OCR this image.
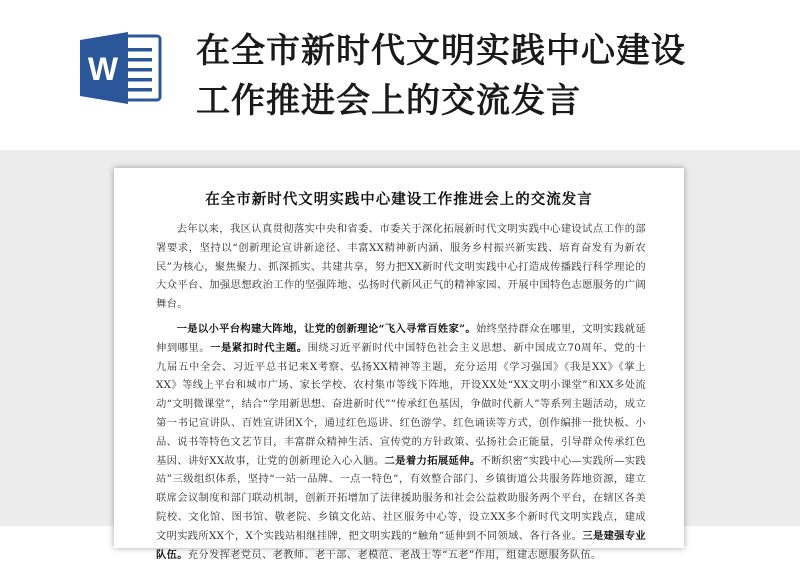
W 在全市新时代文明实践中心建设
工作推进会上的交流发言
在全市新时代文明实践中心建设工作推进会上的交流发言

去年以来，我区认真贯彻落实中央和省委、市委关于深化拓展新时代文明实践中心建设试点工作的部署要求，坚持以“创新理论宣讲新途径、丰富XX精神新内涵、服务乡村振兴新实践、培育奋发有为新农民”为核心，聚焦聚力、抓深抓实、共建共享，努力把XX新时代文明实践中心打造成传播践行科学理论的大众平台、加强思想政治工作的坚强阵地、弘扬时代新风正气的精神家园、开展中国特色志愿服务的广阔舞台。

一是以小平台构建大阵地，让党的创新理论“飞入寻常百姓家”。始终坚持群众在哪里，文明实践就延伸到哪里。一是紧扣时代主题。围绕习近平新时代中国特色社会主义思想、新中国成立70周年、党的十九届五中全会、习近平总书记来X考察、弘扬XX精神等主题，充分运用《学习强国》《我是XX》《掌上XX》等线上平台和城市广场、家长学校、农村集市等线下阵地，开设XX处“XX文明小课堂”和XX多处流动“文明微课堂”，结合“学用新思想、奋进新时代”“传承红色基因，争做时代新人”等系列主题活动，成立第一书记宣讲队、百姓宣讲团X个，通过红色巡讲、红色游学、红色诵读等方式，创作编排一批快板、小品、说书等特色文艺节目，丰富群众精神生活、宣传党的方针政策、弘扬社会正能量，引导群众传承红色基因、讲好XX故事，让党的创新理论入心入脑。二是着力拓展延伸。不断织密“实践中心—实践所—实践站”三级组织体系，坚持“一站一品牌、一点一特色”，有效整合部门、乡镇街道公共服务阵地资源，建立联席会议制度和部门联动机制，创新开拓增加了法律援助服务和社会公益救助服务两个平台，在辖区各美院校、文化馆、图书馆、敬老院、乡镇文化站、社区服务中心等，设立XX多个新时代文明实践点，建成文明实践所XX个，X个实践站相继挂牌，把文明实践的“触角”延伸到不同领域、各行各业。三是建强专业队伍。充分发挥老党员、老教师、老干部、老模范、老战士等“五老”作用，组建志愿服务队伍。
